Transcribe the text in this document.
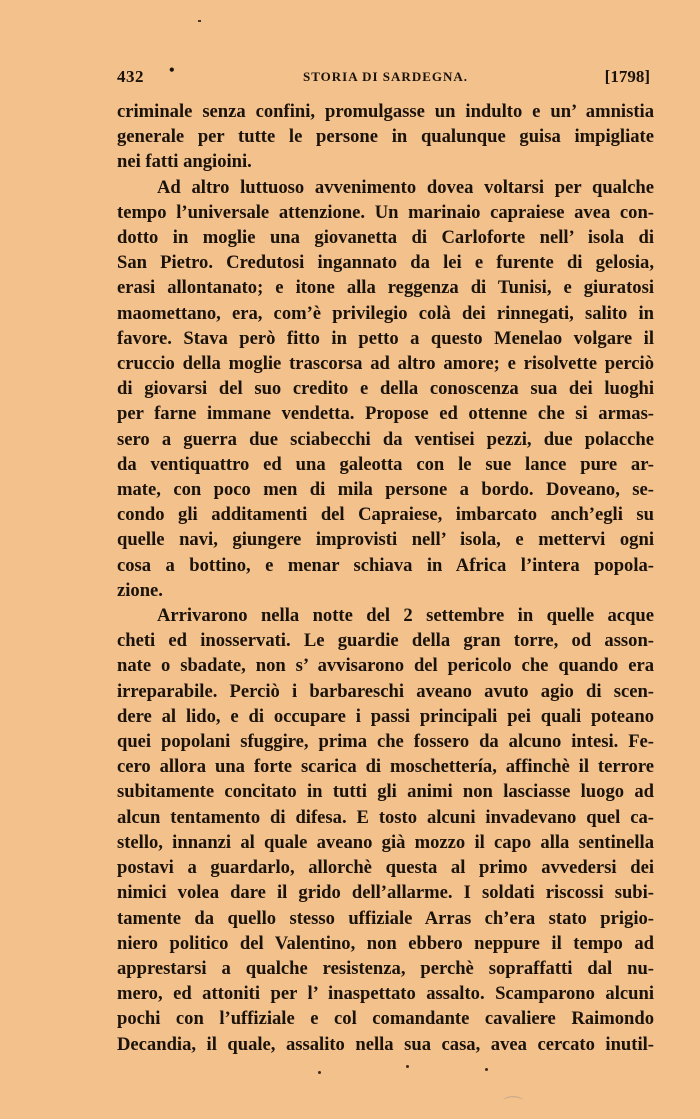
432 •	STORIA DI SARDEGNA.	[1798]

criminale senza confini, promulgasse un indulto e un’ amnistia
generale per tutte le persone in qualunque guisa impigliate
nei fatti angioini.

Ad altro luttuoso avvenimento dovea voltarsi per qualche
tempo l’universale attenzione. Un marinaio capraiese avea con-
dotto in moglie una giovanetta di Carloforte nell’ isola di
San Pietro. Credutosi ingannato da lei e furente di gelosia,
erasi allontanato; e itone alla reggenza di Tunisi, e giuratosi
maomettano, era, com’è privilegio colà dei rinnegati, salito in
favore. Stava però fitto in petto a questo Menelao volgare il
cruccio della moglie trascorsa ad altro amore; e risolvette perciò
di giovarsi del suo credito e della conoscenza sua dei luoghi
per farne immane vendetta. Propose ed ottenne che si armas-
sero a guerra due sciabecchi da ventisei pezzi, due polacche
da ventiquattro ed una galeotta con le sue lance pure ar-
mate, con poco men di mila persone a bordo. Doveano, se-
condo gli additamenti del Capraiese, imbarcato anch’egli su
quelle navi, giungere improvisti nell’ isola, e mettervi ogni
cosa a bottino, e menar schiava in Africa l’intera popola-
zione.

Arrivarono nella notte del 2 settembre in quelle acque
cheti ed inosservati. Le guardie della gran torre, od asson-
nate o sbadate, non s’ avvisarono del pericolo che quando era
irreparabile. Perciò i barbareschi aveano avuto agio di scen-
dere al lido, e di occupare i passi principali pei quali poteano
quei popolani sfuggire, prima che fossero da alcuno intesi. Fe-
cero allora una forte scarica di moschettería, affinchè il terrore
subitamente concitato in tutti gli animi non lasciasse luogo ad
alcun tentamento di difesa. E tosto alcuni invadevano quel ca-
stello, innanzi al quale aveano già mozzo il capo alla sentinella
postavi a guardarlo, allorchè questa al primo avvedersi dei
nimici volea dare il grido dell’allarme. I soldati riscossi subi-
tamente da quello stesso uffiziale Arras ch’era stato prigio-
niero politico del Valentino, non ebbero neppure il tempo ad
apprestarsi a qualche resistenza, perchè sopraffatti dal nu-
mero, ed attoniti per l’ inaspettato assalto. Scamparono alcuni
pochi con l’uffiziale e col comandante cavaliere Raimondo
Decandia, il quale, assalito nella sua casa, avea cercato inutil-

⌒
